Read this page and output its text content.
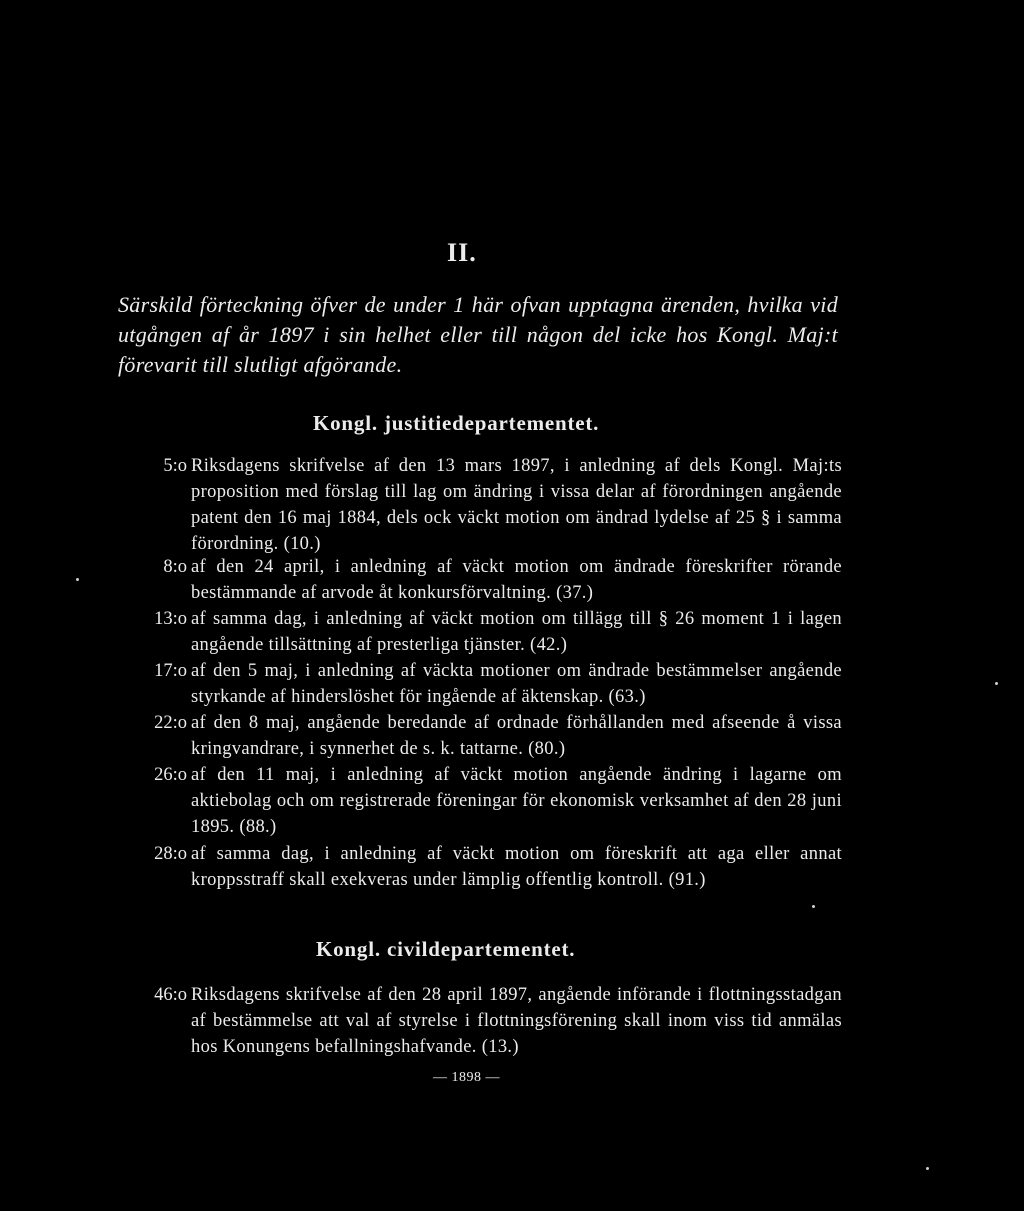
II.
Särskild förteckning öfver de under 1 här ofvan upptagna ärenden, hvilka vid utgången af år 1897 i sin helhet eller till någon del icke hos Kongl. Maj:t förevarit till slutligt afgörande.
Kongl. justitiedepartementet.
5:o Riksdagens skrifvelse af den 13 mars 1897, i anledning af dels Kongl. Maj:ts proposition med förslag till lag om ändring i vissa delar af förordningen angående patent den 16 maj 1884, dels ock väckt motion om ändrad lydelse af 25 § i samma förordning. (10.)
8:o af den 24 april, i anledning af väckt motion om ändrade föreskrifter rörande bestämmande af arvode åt konkursförvaltning. (37.)
13:o af samma dag, i anledning af väckt motion om tillägg till § 26 moment 1 i lagen angående tillsättning af presterliga tjänster. (42.)
17:o af den 5 maj, i anledning af väckta motioner om ändrade bestämmelser angående styrkande af hinderslöshet för ingående af äktenskap. (63.)
22:o af den 8 maj, angående beredande af ordnade förhållanden med afseende å vissa kringvandrare, i synnerhet de s. k. tattarne. (80.)
26:o af den 11 maj, i anledning af väckt motion angående ändring i lagarne om aktiebolag och om registrerade föreningar för ekonomisk verksamhet af den 28 juni 1895. (88.)
28:o af samma dag, i anledning af väckt motion om föreskrift att aga eller annat kroppsstraff skall exekveras under lämplig offentlig kontroll. (91.)
Kongl. civildepartementet.
46:o Riksdagens skrifvelse af den 28 april 1897, angående införande i flottningsstadgan af bestämmelse att val af styrelse i flottningsförening skall inom viss tid anmälas hos Konungens befallningshafvande. (13.)
— 1898 —
